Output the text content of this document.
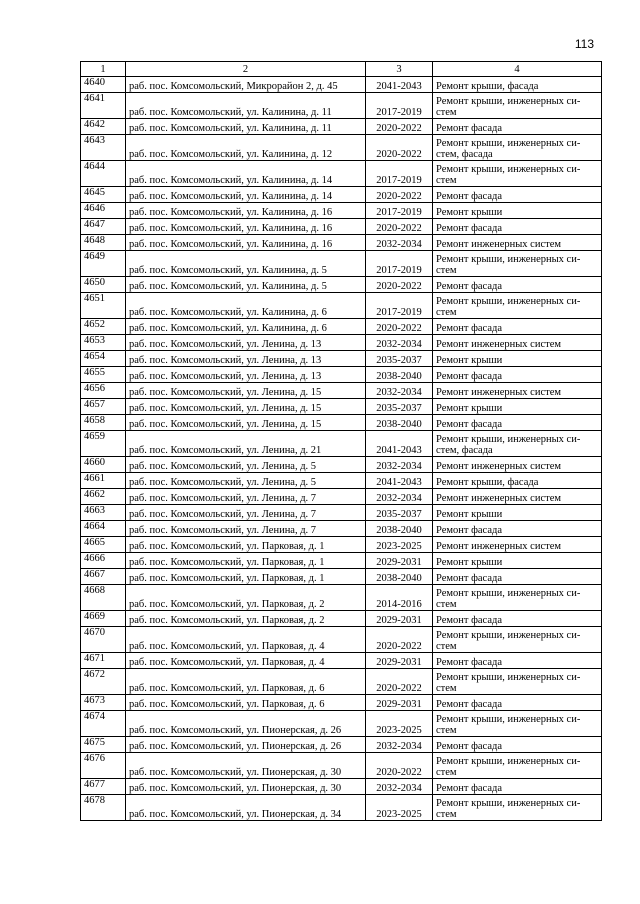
113
1	2	3	4
4640	раб. пос. Комсомольский, Микрорайон 2, д. 45	2041-2043	Ремонт крыши, фасада

4641	раб. пос. Комсомольский, ул. Калинина, д. 11	2017-2019	Ремонт крыши, инженерных си-
стем

4642	раб. пос. Комсомольский, ул. Калинина, д. 11	2020-2022	Ремонт фасада

4643	раб. пос. Комсомольский, ул. Калинина, д. 12	2020-2022	Ремонт крыши, инженерных си-
стем, фасада

4644	раб. пос. Комсомольский, ул. Калинина, д. 14	2017-2019	Ремонт крыши, инженерных си-
стем

4645	раб. пос. Комсомольский, ул. Калинина, д. 14	2020-2022	Ремонт фасада

4646	раб. пос. Комсомольский, ул. Калинина, д. 16	2017-2019	Ремонт крыши

4647	раб. пос. Комсомольский, ул. Калинина, д. 16	2020-2022	Ремонт фасада

4648	раб. пос. Комсомольский, ул. Калинина, д. 16	2032-2034	Ремонт инженерных систем

4649	раб. пос. Комсомольский, ул. Калинина, д. 5	2017-2019	Ремонт крыши, инженерных си-
стем

4650	раб. пос. Комсомольский, ул. Калинина, д. 5	2020-2022	Ремонт фасада

4651	раб. пос. Комсомольский, ул. Калинина, д. 6	2017-2019	Ремонт крыши, инженерных си-
стем

4652	раб. пос. Комсомольский, ул. Калинина, д. 6	2020-2022	Ремонт фасада

4653	раб. пос. Комсомольский, ул. Ленина, д. 13	2032-2034	Ремонт инженерных систем

4654	раб. пос. Комсомольский, ул. Ленина, д. 13	2035-2037	Ремонт крыши

4655	раб. пос. Комсомольский, ул. Ленина, д. 13	2038-2040	Ремонт фасада

4656	раб. пос. Комсомольский, ул. Ленина, д. 15	2032-2034	Ремонт инженерных систем

4657	раб. пос. Комсомольский, ул. Ленина, д. 15	2035-2037	Ремонт крыши

4658	раб. пос. Комсомольский, ул. Ленина, д. 15	2038-2040	Ремонт фасада

4659	раб. пос. Комсомольский, ул. Ленина, д. 21	2041-2043	Ремонт крыши, инженерных си-
стем, фасада

4660	раб. пос. Комсомольский, ул. Ленина, д. 5	2032-2034	Ремонт инженерных систем

4661	раб. пос. Комсомольский, ул. Ленина, д. 5	2041-2043	Ремонт крыши, фасада

4662	раб. пос. Комсомольский, ул. Ленина, д. 7	2032-2034	Ремонт инженерных систем

4663	раб. пос. Комсомольский, ул. Ленина, д. 7	2035-2037	Ремонт крыши

4664	раб. пос. Комсомольский, ул. Ленина, д. 7	2038-2040	Ремонт фасада

4665	раб. пос. Комсомольский, ул. Парковая, д. 1	2023-2025	Ремонт инженерных систем

4666	раб. пос. Комсомольский, ул. Парковая, д. 1	2029-2031	Ремонт крыши

4667	раб. пос. Комсомольский, ул. Парковая, д. 1	2038-2040	Ремонт фасада

4668	раб. пос. Комсомольский, ул. Парковая, д. 2	2014-2016	Ремонт крыши, инженерных си-
стем

4669	раб. пос. Комсомольский, ул. Парковая, д. 2	2029-2031	Ремонт фасада

4670	раб. пос. Комсомольский, ул. Парковая, д. 4	2020-2022	Ремонт крыши, инженерных си-
стем

4671	раб. пос. Комсомольский, ул. Парковая, д. 4	2029-2031	Ремонт фасада

4672	раб. пос. Комсомольский, ул. Парковая, д. 6	2020-2022	Ремонт крыши, инженерных си-
стем

4673	раб. пос. Комсомольский, ул. Парковая, д. 6	2029-2031	Ремонт фасада

4674	раб. пос. Комсомольский, ул. Пионерская, д. 26	2023-2025	Ремонт крыши, инженерных си-
стем

4675	раб. пос. Комсомольский, ул. Пионерская, д. 26	2032-2034	Ремонт фасада

4676	раб. пос. Комсомольский, ул. Пионерская, д. 30	2020-2022	Ремонт крыши, инженерных си-
стем

4677	раб. пос. Комсомольский, ул. Пионерская, д. 30	2032-2034	Ремонт фасада

4678	раб. пос. Комсомольский, ул. Пионерская, д. 34	2023-2025	Ремонт крыши, инженерных си-
стем
